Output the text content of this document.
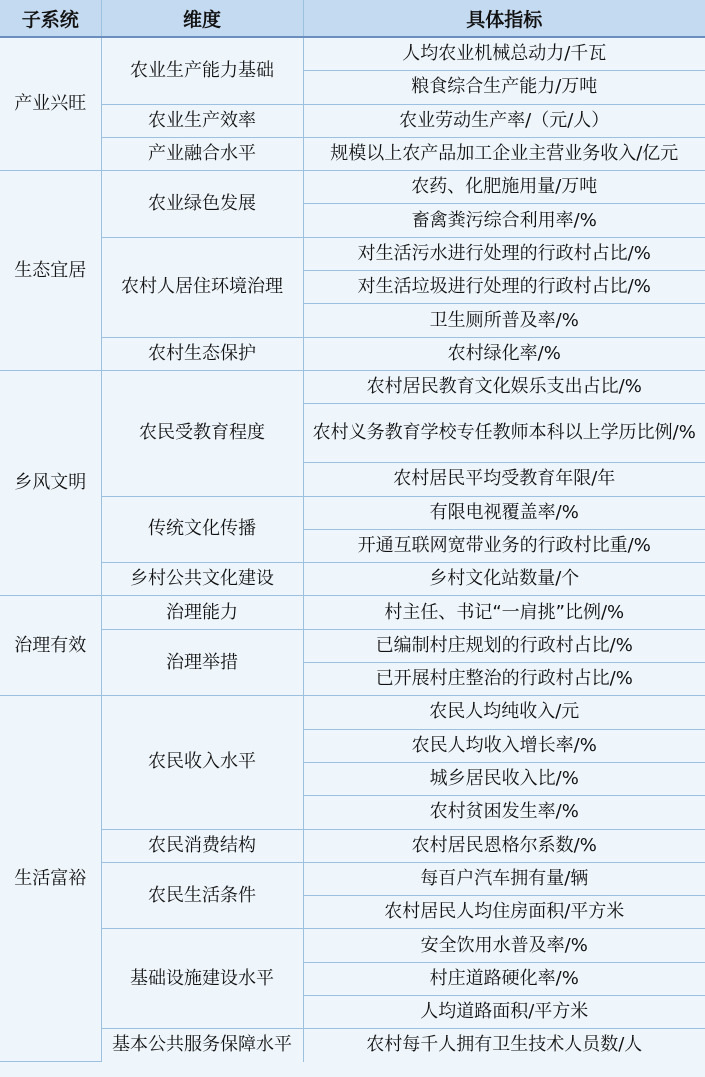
子系统	维度	具体指标
产业兴旺	农业生产能力基础	人均农业机械总动力/千瓦
		粮食综合生产能力/万吨
	农业生产效率	农业劳动生产率/（元/人）
	产业融合水平	规模以上农产品加工企业主营业务收入/亿元
生态宜居	农业绿色发展	农药、化肥施用量/万吨
		畜禽粪污综合利用率/%
	农村人居住环境治理	对生活污水进行处理的行政村占比/%
		对生活垃圾进行处理的行政村占比/%
		卫生厕所普及率/%
	农村生态保护	农村绿化率/%
乡风文明	农民受教育程度	农村居民教育文化娱乐支出占比/%
		农村义务教育学校专任教师本科以上学历比例/%
		农村居民平均受教育年限/年
	传统文化传播	有限电视覆盖率/%
		开通互联网宽带业务的行政村比重/%
	乡村公共文化建设	乡村文化站数量/个
治理有效	治理能力	村主任、书记“一肩挑”比例/%
	治理举措	已编制村庄规划的行政村占比/%
		已开展村庄整治的行政村占比/%
生活富裕	农民收入水平	农民人均纯收入/元
		农民人均收入增长率/%
		城乡居民收入比/%
		农村贫困发生率/%
	农民消费结构	农村居民恩格尔系数/%
	农民生活条件	每百户汽车拥有量/辆
		农村居民人均住房面积/平方米
	基础设施建设水平	安全饮用水普及率/%
		村庄道路硬化率/%
		人均道路面积/平方米
	基本公共服务保障水平	农村每千人拥有卫生技术人员数/人
